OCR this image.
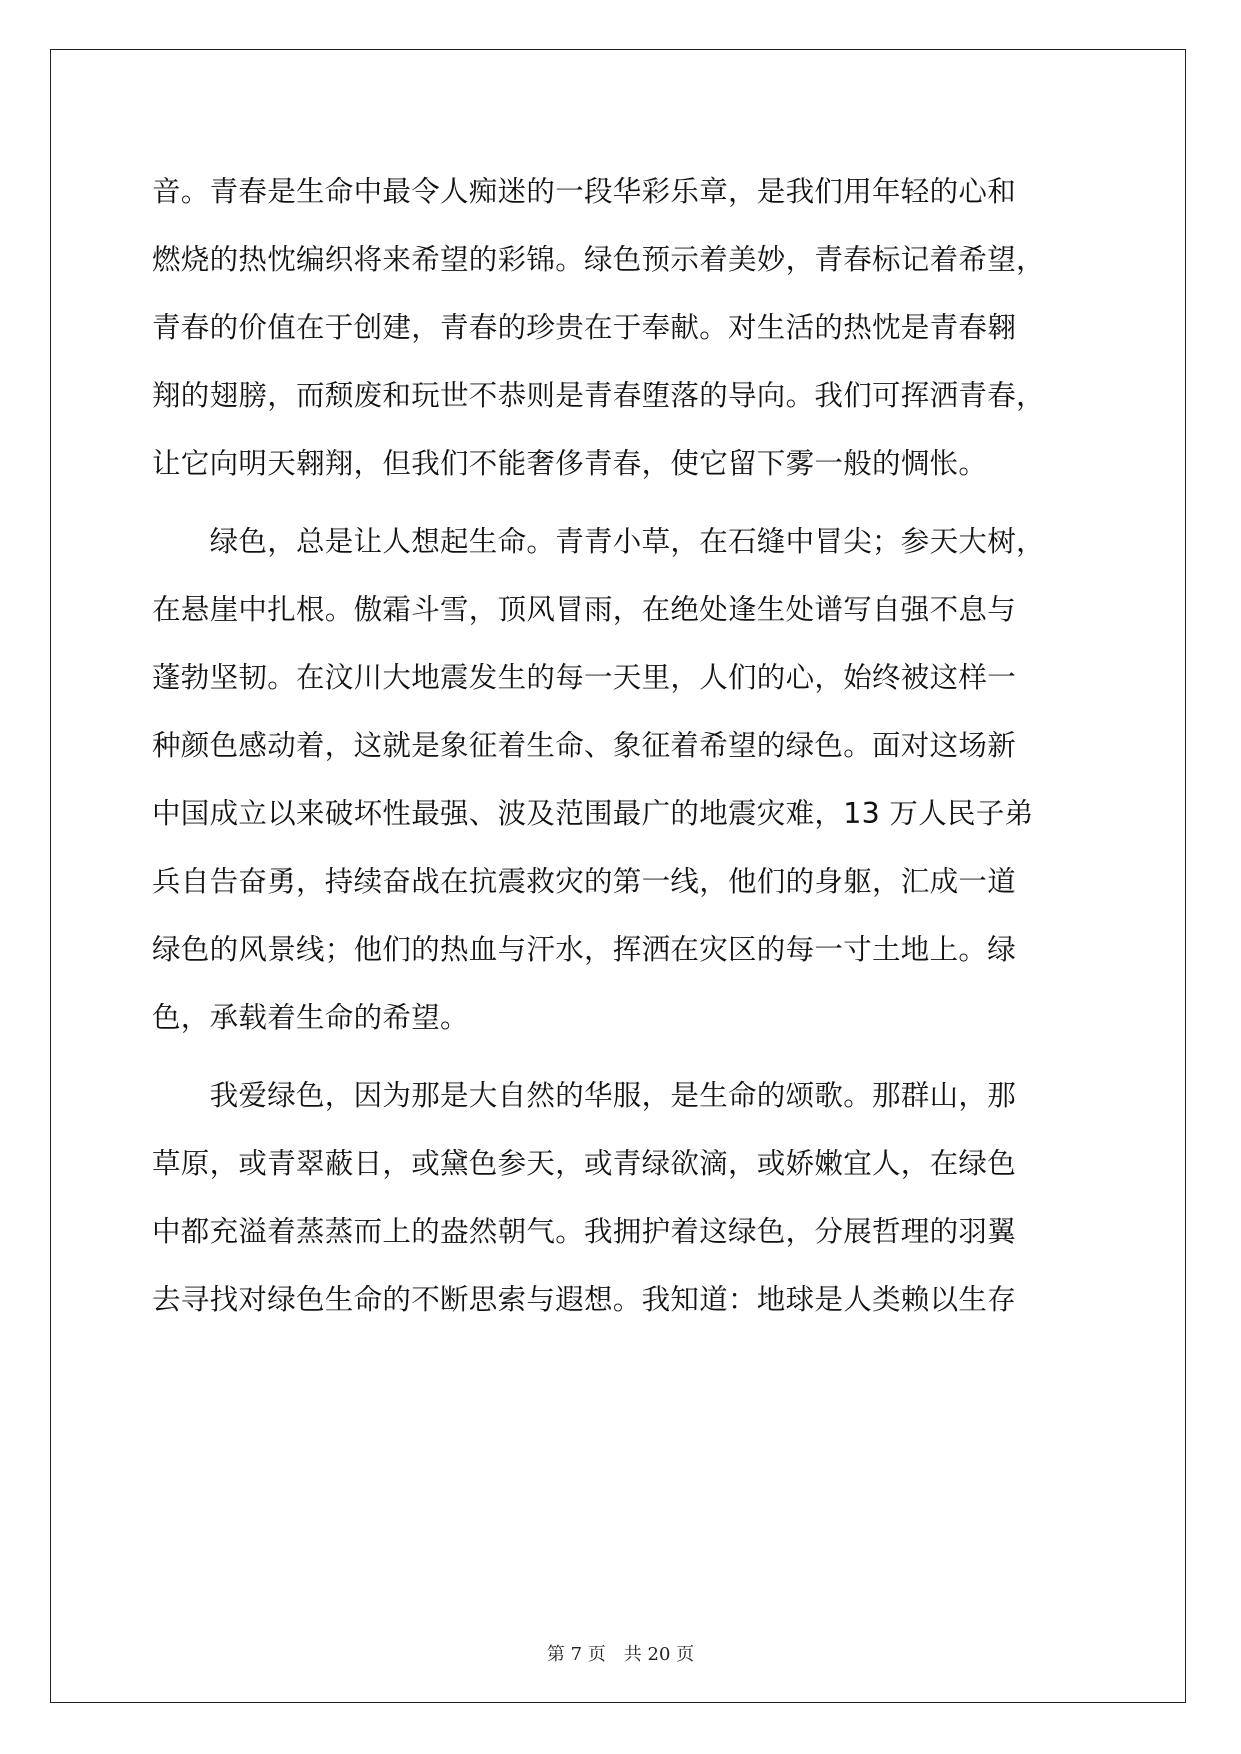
音。青春是生命中最令人痴迷的一段华彩乐章，是我们用年轻的心和
燃烧的热忱编织将来希望的彩锦。绿色预示着美妙，青春标记着希望，
青春的价值在于创建，青春的珍贵在于奉献。对生活的热忱是青春翱
翔的翅膀，而颓废和玩世不恭则是青春堕落的导向。我们可挥洒青春，
让它向明天翱翔，但我们不能奢侈青春，使它留下雾一般的惆怅。
　　绿色，总是让人想起生命。青青小草，在石缝中冒尖；参天大树，
在悬崖中扎根。傲霜斗雪，顶风冒雨，在绝处逢生处谱写自强不息与
蓬勃坚韧。在汶川大地震发生的每一天里，人们的心，始终被这样一
种颜色感动着，这就是象征着生命、象征着希望的绿色。面对这场新
中国成立以来破坏性最强、波及范围最广的地震灾难，13 万人民子弟
兵自告奋勇，持续奋战在抗震救灾的第一线，他们的身躯，汇成一道
绿色的风景线；他们的热血与汗水，挥洒在灾区的每一寸土地上。绿
色，承载着生命的希望。
　　我爱绿色，因为那是大自然的华服，是生命的颂歌。那群山，那
草原，或青翠蔽日，或黛色参天，或青绿欲滴，或娇嫩宜人，在绿色
中都充溢着蒸蒸而上的盎然朝气。我拥护着这绿色，分展哲理的羽翼
去寻找对绿色生命的不断思索与遐想。我知道：地球是人类赖以生存
第 7 页 共 20 页
